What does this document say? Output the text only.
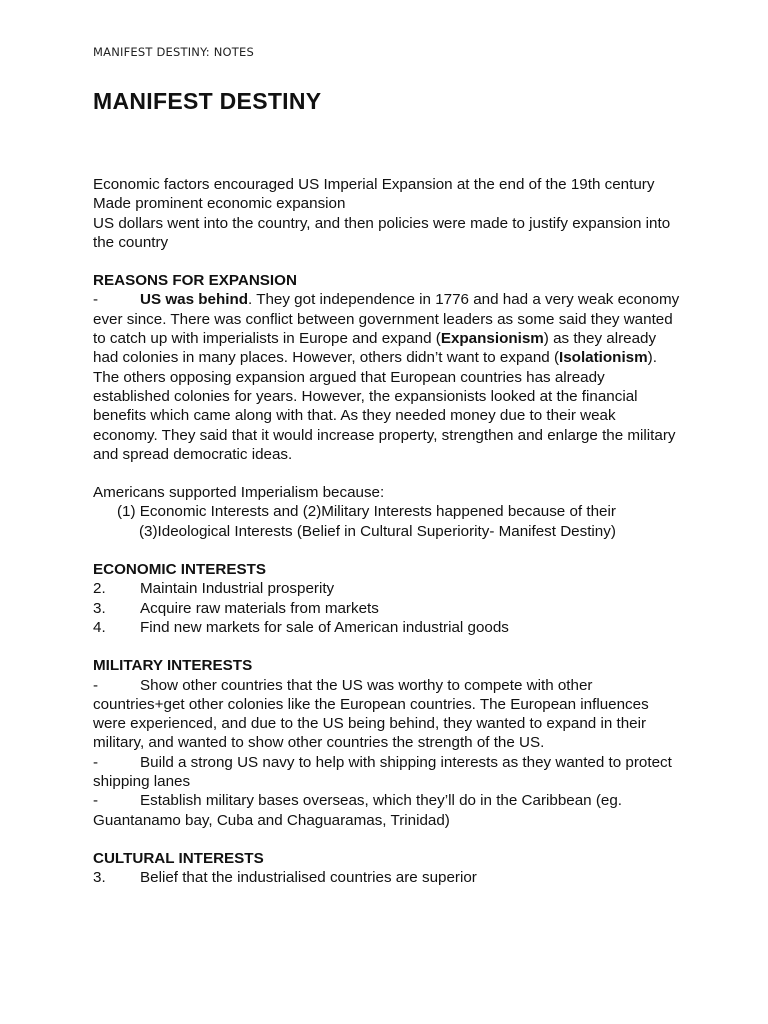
MANIFEST DESTINY: NOTES
MANIFEST DESTINY

Economic factors encouraged US Imperial Expansion at the end of the 19th century

Made prominent economic expansion

US dollars went into the country, and then policies were made to justify expansion into the country

REASONS FOR EXPANSION

-	US was behind. They got independence in 1776 and had a very weak economy ever since. There was conflict between government leaders as some said they wanted to catch up with imperialists in Europe and expand (Expansionism) as they already had colonies in many places. However, others didn’t want to expand (Isolationism). The others opposing expansion argued that European countries has already established colonies for years. However, the expansionists looked at the financial benefits which came along with that. As they needed money due to their weak economy. They said that it would increase property, strengthen and enlarge the military and spread democratic ideas.

Americans supported Imperialism because:

(1) Economic Interests and (2)Military Interests happened because of their

(3)Ideological Interests (Belief in Cultural Superiority- Manifest Destiny)

ECONOMIC INTERESTS

2.	Maintain Industrial prosperity
3.	Acquire raw materials from markets
4.	Find new markets for sale of American industrial goods

MILITARY INTERESTS

-	Show other countries that the US was worthy to compete with other countries+get other colonies like the European countries. The European influences were experienced, and due to the US being behind, they wanted to expand in their military, and wanted to show other countries the strength of the US.

-	Build a strong US navy to help with shipping interests as they wanted to protect shipping lanes

-	Establish military bases overseas, which they’ll do in the Caribbean (eg. Guantanamo bay, Cuba and Chaguaramas, Trinidad)

CULTURAL INTERESTS

3.	Belief that the industrialised countries are superior
